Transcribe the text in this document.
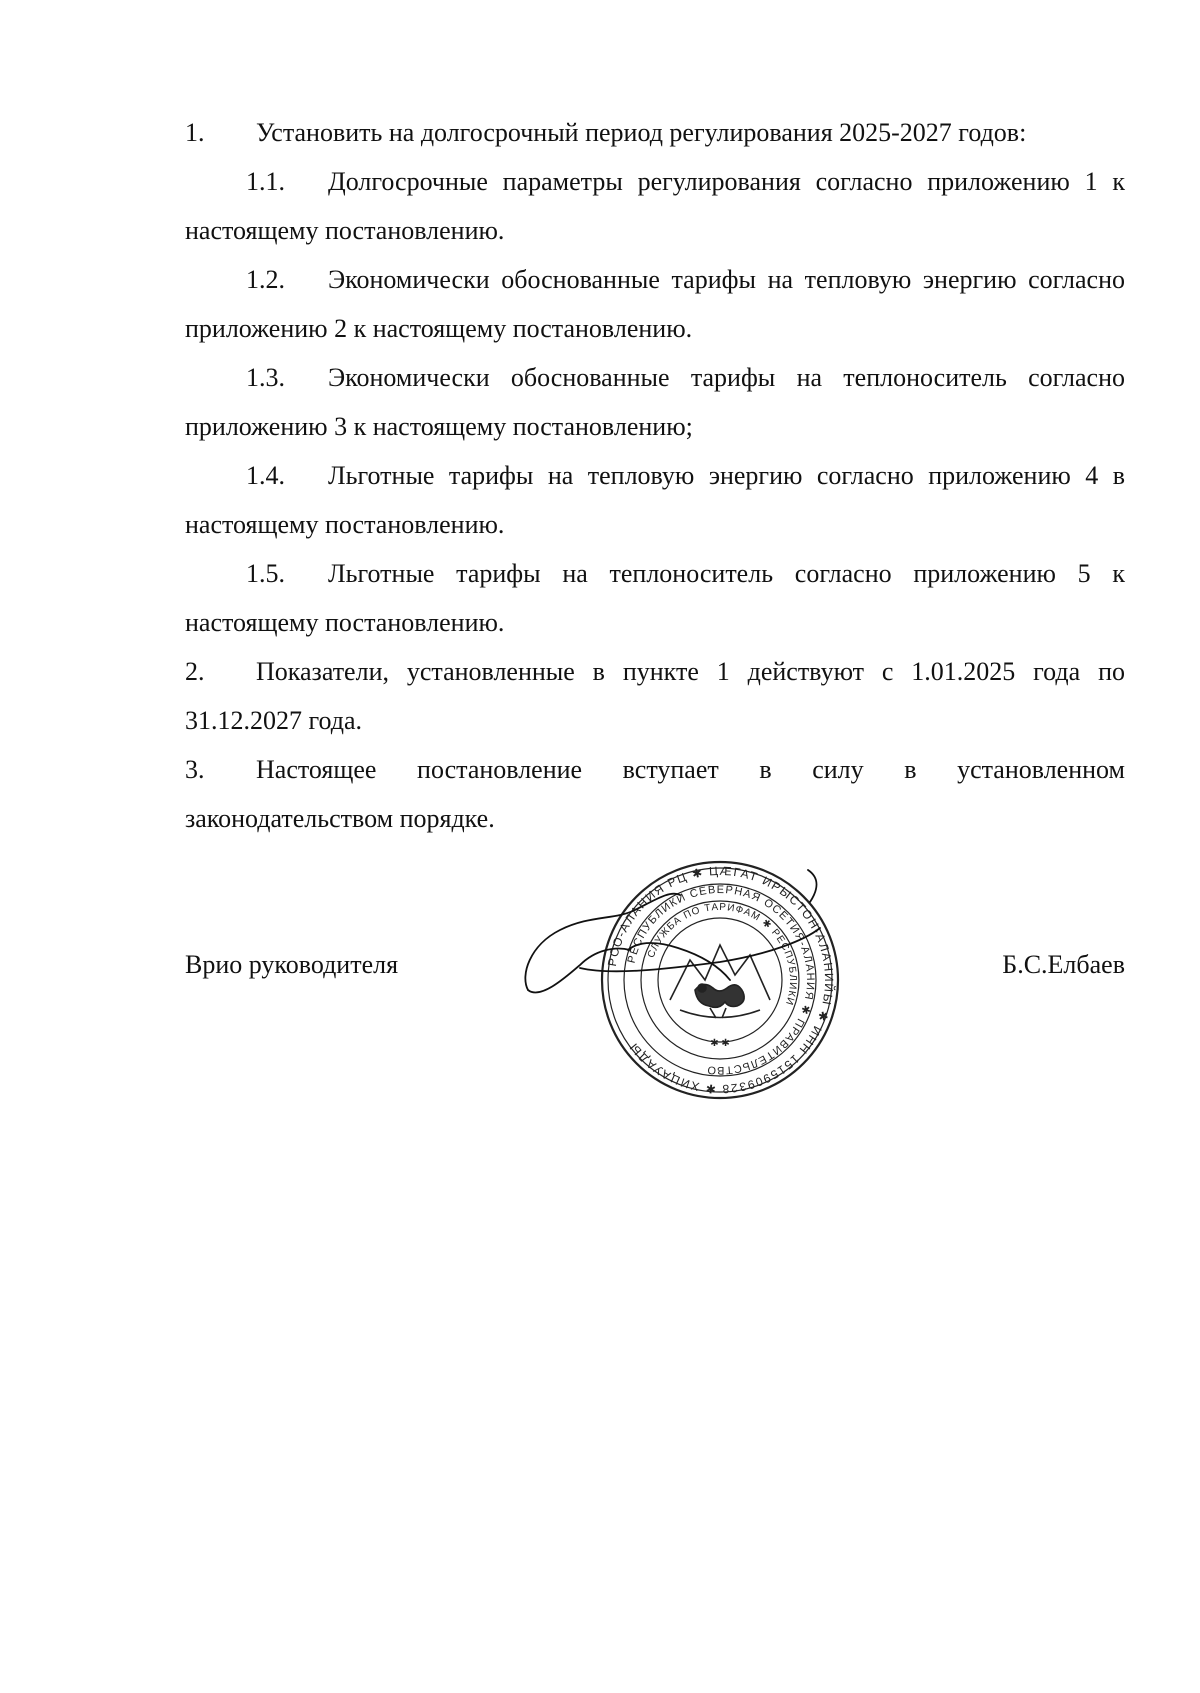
1. Установить на долгосрочный период регулирования 2025-2027 годов:

1.1. Долгосрочные параметры регулирования согласно приложению 1 к настоящему постановлению.

1.2. Экономически обоснованные тарифы на тепловую энергию согласно приложению 2 к настоящему постановлению.

1.3. Экономически обоснованные тарифы на теплоноситель согласно приложению 3 к настоящему постановлению;

1.4. Льготные тарифы на тепловую энергию согласно приложению 4 в настоящему постановлению.

1.5. Льготные тарифы на теплоноситель согласно приложению 5 к настоящему постановлению.

2. Показатели, установленные в пункте 1 действуют с 1.01.2025 года по 31.12.2027 года.

3. Настоящее постановление вступает в силу в установленном законодательством порядке.

Врио руководителя	Б.С.Елбаев
РСО-АЛАНИЯ РЦ ✱ ЦÆГАТ ИРЫСТОН-АЛАНИЙЫ ✱ ИНН 1515909328 ✱ ХИЦАУАДЫ
РЕСПУБЛИКИ СЕВЕРНАЯ ОСЕТИЯ-АЛАНИЯ ✱ ПРАВИТЕЛЬСТВО
СЛУЖБА ПО ТАРИФАМ ✱ РЕСПУБЛИКИ
✱ ✱
